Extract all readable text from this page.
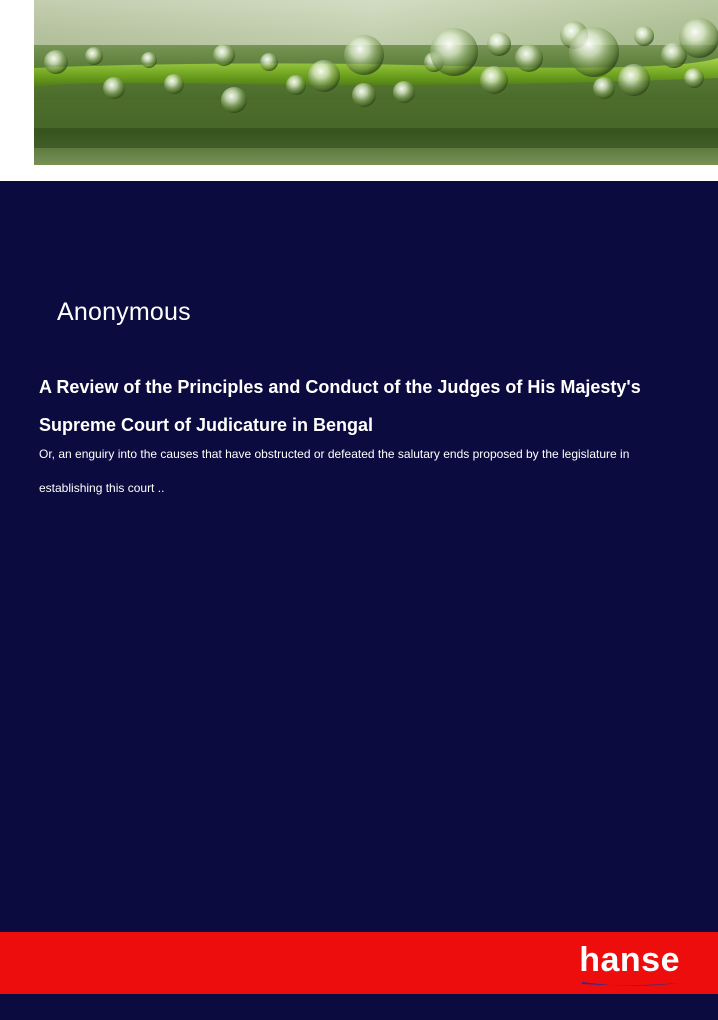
Anonymous
A Review of the Principles and Conduct of the Judges of His Majesty's Supreme Court of Judicature in Bengal
Or, an enguiry into the causes that have obstructed or defeated the salutary ends proposed by the legislature in establishing this court ..
hanse
